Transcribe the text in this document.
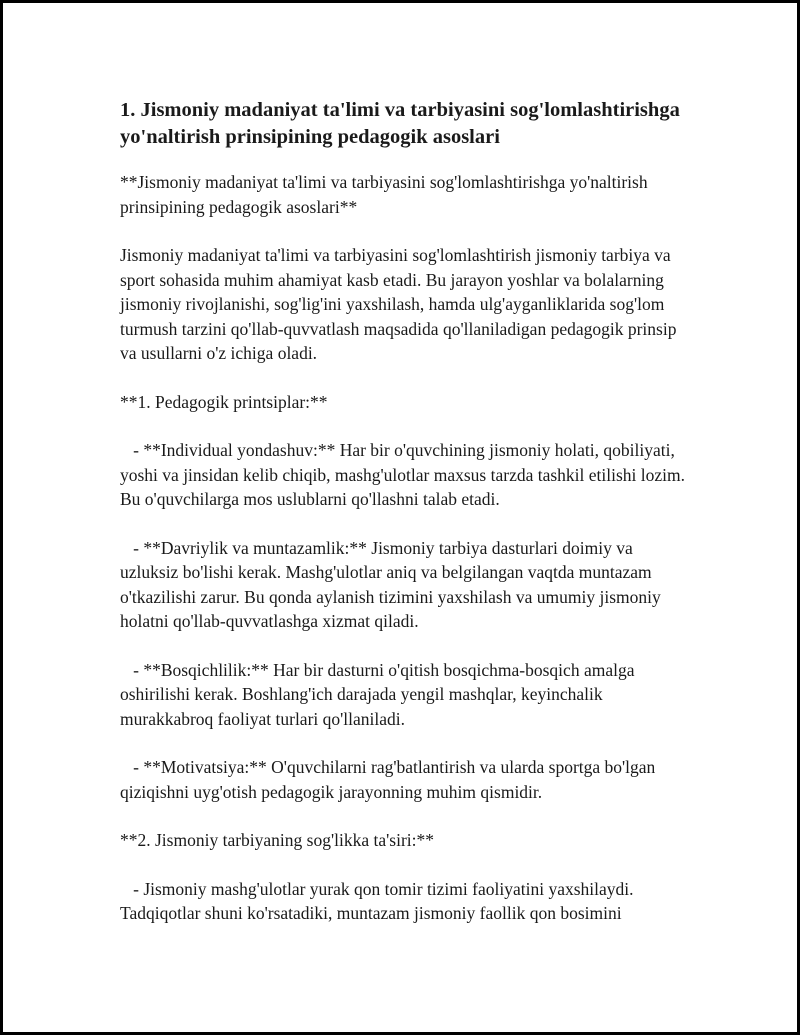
1. Jismoniy madaniyat ta'limi va tarbiyasini sog'lomlashtirishga yo'naltirish prinsipining pedagogik asoslari

**Jismoniy madaniyat ta'limi va tarbiyasini sog'lomlashtirishga yo'naltirish prinsipining pedagogik asoslari**

Jismoniy madaniyat ta'limi va tarbiyasini sog'lomlashtirish jismoniy tarbiya va sport sohasida muhim ahamiyat kasb etadi. Bu jarayon yoshlar va bolalarning jismoniy rivojlanishi, sog'lig'ini yaxshilash, hamda ulg'ayganliklarida sog'lom turmush tarzini qo'llab-quvvatlash maqsadida qo'llaniladigan pedagogik prinsip va usullarni o'z ichiga oladi.

**1. Pedagogik printsiplar:**

- **Individual yondashuv:** Har bir o'quvchining jismoniy holati, qobiliyati, yoshi va jinsidan kelib chiqib, mashg'ulotlar maxsus tarzda tashkil etilishi lozim. Bu o'quvchilarga mos uslublarni qo'llashni talab etadi.

- **Davriylik va muntazamlik:** Jismoniy tarbiya dasturlari doimiy va uzluksiz bo'lishi kerak. Mashg'ulotlar aniq va belgilangan vaqtda muntazam o'tkazilishi zarur. Bu qonda aylanish tizimini yaxshilash va umumiy jismoniy holatni qo'llab-quvvatlashga xizmat qiladi.

- **Bosqichlilik:** Har bir dasturni o'qitish bosqichma-bosqich amalga oshirilishi kerak. Boshlang'ich darajada yengil mashqlar, keyinchalik murakkabroq faoliyat turlari qo'llaniladi.

- **Motivatsiya:** O'quvchilarni rag'batlantirish va ularda sportga bo'lgan qiziqishni uyg'otish pedagogik jarayonning muhim qismidir.

**2. Jismoniy tarbiyaning sog'likka ta'siri:**

- Jismoniy mashg'ulotlar yurak qon tomir tizimi faoliyatini yaxshilaydi. Tadqiqotlar shuni ko'rsatadiki, muntazam jismoniy faollik qon bosimini
